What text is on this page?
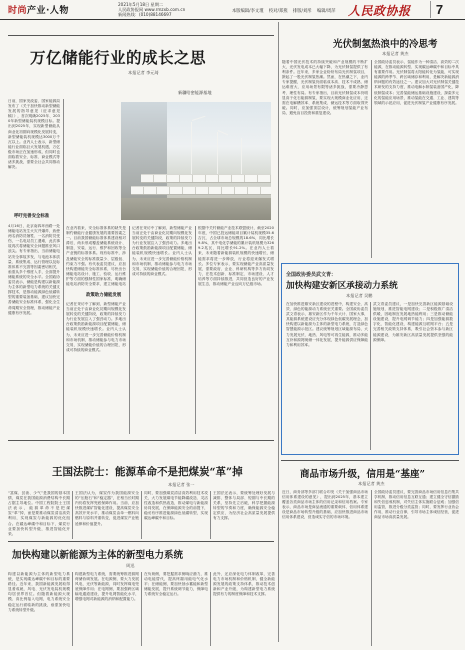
时尚产业·人物
2021年5月18日 星期二
人民政协报网 www.rmzxb.com.cn
新闻热线：(010)88146697
本版编辑/李文瑾 校对/郑燕 排版/刘彤 编辑/周萍 人民政协报	7
万亿储能行业的成长之思
本报记者 李元琦
日前，国家发改委、国家能源局发布了《关于加快推动新型储能发展的指导意见（征求意见稿）》，首次明确2025年、2030年新型储能装机规模目标。提出到2025年，实现新型储能从商业化初期向规模化发展转变，新型储能装机规模达3000万千瓦以上。业内人士表示，新型储能行业面临巨大发展机遇，万亿级市场正在加速形成，但同时也面临着安全、标准、商业模式等诸多挑战，需要全社会共同推动解决。
呼吁完善安全标准
4月16日，北京南四环西路一处储能电站发生火灾并爆炸，致使两名消防员牺牲、一名消防员受伤，一名电站员工遇难，此次事故再次将储能安全问题推至风口浪尖。有专家指出，当前储能电站安全事故多发，与电池本体质量、系统集成、运行管理以及标准体系不完善等因素密切相关，亟需从多个维度入手，全面提升储能系统的安全水平。全国政协委员表示，储能是构建以新能源为主体的新型电力系统的关键支撑技术，是推动能源绿色低碳转型的重要装备基础，建议加快完善储能安全标准体系，强化全生命周期安全管理，推动储能产业健康有序发展。
在业内看来，安全标准体系的缺失是制约储能行业健康发展的重要因素之一。目前我国储能标准体系建设相对滞后，尚未形成覆盖储能系统设计、制造、安装、运行、维护和回收等全产业链的标准体系。现有标准中，涉及储能安全的标准数量少、层级低、约束力不强。有代表委员建议，应加快构建储能安全标准体系，尽快出台储能电站设计、施工、验收、运行维护等方面的强制性国家标准，明确储能电站消防安全要求，建立储能电站
政策助力储能发展
记者在采访中了解到，新型储能产业当前正处于由商业化初期向规模化发展转变的关键阶段，政策的持续发力为行业发展注入了强劲动力。多地出台政策鼓励新能源项目配置储能，储能装机规模快速增长。业内人士认为，未来应进一步完善储能价格机制和市场机制，推动储能参与电力市场交易，实现储能价值的合理回报，形成可持续的商业模式。
记者在采访中了解到，新型储能产业当前正处于由商业化初期向规模化发展转变的关键阶段，政策的持续发力为行业发展注入了强劲动力。多地出台政策鼓励新能源项目配置储能，储能装机规模快速增长。业内人士认为，未来应进一步完善储能价格机制和市场机制，推动储能参与电力市场交易，实现储能价值的合理回报，形成可持续的商业模式。
根据中关村储能产业技术联盟统计，截至2020年底，中国已投运储能项目累计装机规模35.6吉瓦，占全球市场总规模的18.6%，同比增长9.8%，其中电化学储能的累计装机规模为3269.2兆瓦，同比增长91.2%。在业内人士看来，未来随着新能源装机规模的快速增长，储能需求将进一步释放，行业将迎来爆发式增长。多位专家表示，要实现储能产业高质量发展，需要政府、企业、科研机构等多方协同发力，在技术创新、标准制定、市场建设、人才培养等方面持续推进，共同营造良好的产业发展生态，推动储能产业迈向万亿级市场。
新疆哈密能源基地
光伏制氢热浪中的冷思考
本报记者 黄杰
随着中国光伏技术的持续突破和产业规模的不断扩大，光伏发电成本已大幅下降，为光伏制氢提供了有利条件。近年来，多家企业纷纷布局光伏制氢项目，掀起了一股光伏制氢热潮。然而，在热潮之下，业内专家提醒，光伏制氢仍面临成本高、技术不成熟、储运难度大、应用场景有限等诸多挑战，需要冷静思考、理性布局。有专家指出，目前光伏制氢成本仍明显高于化石能源制氢，要实现大规模商业化应用，还需在电解槽效率、系统集成、储运技术等方面取得突破。同时，应加强顶层设计，统筹规划氢能产业布局，避免盲目投资和重复建设。
全国政协委员表示，氢能作为一种清洁、高效的二次能源，在推动能源转型、实现碳达峰碳中和目标中具有重要作用。光伏制氢将太阳能转化为氢能，可实现能源的跨季节、跨区域储存和利用，是解决新能源消纳问题的有效途径之一。建议加大对光伏制氢关键技术研发的支持力度，推动电解水制氢装备国产化，降低制氢成本；完善氢能储运基础设施建设，探索多元化的氢能应用场景，推动氢能在交通、工业、建筑等领域的示范应用，促进光伏制氢产业健康有序发展。
全国政协委员武文青：
加快构建安新区承接动力系统
本报记者 吴鹏
在加快推进雄安新区建设的进程中，构建安全、高效、绿色的能源动力系统至关重要。全国政协委员武文青表示，雄安新区作为千年大计、国家大事，其能源系统建设应充分体现绿色低碳发展理念，加快构建以新能源为主体的新型电力系统，打造绿色智慧能源示范区。建议统筹规划区域能源布局，大力发展光伏、地热、风电等可再生能源，推动多能互补和源网荷储一体化发展，提升能源供应保障能力和利用效率。
武文青委员建议，一是加快完善新区能源基础设施规划，推进智能电网建设；二是积极推广清洁供暖，因地制宜发展地热能利用；三是推动储能设施建设，提升电网调节能力；四是加强能源数字化、智能化建设，构建能源互联网平台；五是完善相关政策支持体系，吸引社会资本参与新区能源建设，为雄安新区高质量发展提供坚强的能源保障。
王国法院士：能源革命不是把煤炭“革”掉
本报记者 张一
“富煤、贫油、少气”是我国的基本国情，煤炭在我国能源消费结构中长期占据主导地位。中国工程院院士王国法表示，能源革命不是把煤炭“革”掉，而是要推动煤炭清洁高效利用，实现煤炭与新能源的优化组合。在碳达峰碳中和目标下，煤炭行业要加快转型升级，推进智能化开采。
王国法认为，煤炭作为我国能源安全的“压舱石”和“稳定器”，在相当长时期内仍将发挥兜底保障作用。当前，应加快推进煤矿智能化建设，提高煤炭安全高效开采水平，推动煤炭由单一燃料向燃料与原料并重转变，促进煤炭产业链延伸和价值提升。
同时，要加强煤炭清洁高效利用技术攻关，大力发展煤电节能降碳改造、灵活性改造和供热改造，推动煤电与新能源协同发展，在保障能源安全的前提下，稳妥有序推进能源绿色低碳转型，实现碳达峰碳中和目标。
王国法还表示，要统筹处理好发展与减排、整体与局部、短期与中长期的关系，坚持先立后破，科学把握能源转型的节奏和力度，确保能源安全稳定供应，为经济社会高质量发展提供有力支撑。
加快构建以新能源为主体的新型电力系统
周迅
构建以新能源为主体的新型电力系统，是实现碳达峰碳中和目标的重要路径。近年来，我国新能源发展取得显著成就，风电、光伏发电装机规模均居世界首位。但随着新能源大规模、高比例接入电网，电力系统安全稳定运行面临新的挑战，亟需加快电力系统转型升级。
构建新型电力系统，需要统筹推进源网荷储协调发展。在电源侧，要大力发展风电、光伏等新能源，同时发挥煤电兜底保障作用；在电网侧，要加强跨区域输电通道建设，提升电网智能化水平，增强电网对新能源的消纳和配置能力。
在负荷侧，要挖掘需求侧响应潜力，推动电能替代，提高终端用能电气化水平；在储能侧，要加快抽水蓄能和新型储能发展，提升系统调节能力，保障电力系统安全稳定运行。
此外，还应深化电力体制改革，完善电力市场机制和价格机制，健全新能源发展的政策支持体系，推动技术创新和产业升级，为构建新型电力系统提供有力的制度保障和技术支撑。
商品市场升级，信用是“基座”
本报记者 黄杰
近日，商务部等多部门联合印发《关于加强商品市场信用体系建设的意见》，提出到2025年，基本建立覆盖各类商品市场主体的信用记录和信用档案。专家表示，商品市场是商品流通的重要载体，信用体系建设是商品市场转型升级的基础，应加快推进商品市场信用体系建设，营造诚实守信的市场环境。
全国政协委员建议，要完善商品市场信用信息归集共享机制，推动信用信息互联互通；建立健全守信激励和失信惩戒机制，对失信主体实施联合惩戒；加强信用监管，推进分级分类监管；同时，要发挥行业协会作用，推动行业自律，引导市场主体诚信经营，促进商品市场高质量发展。
